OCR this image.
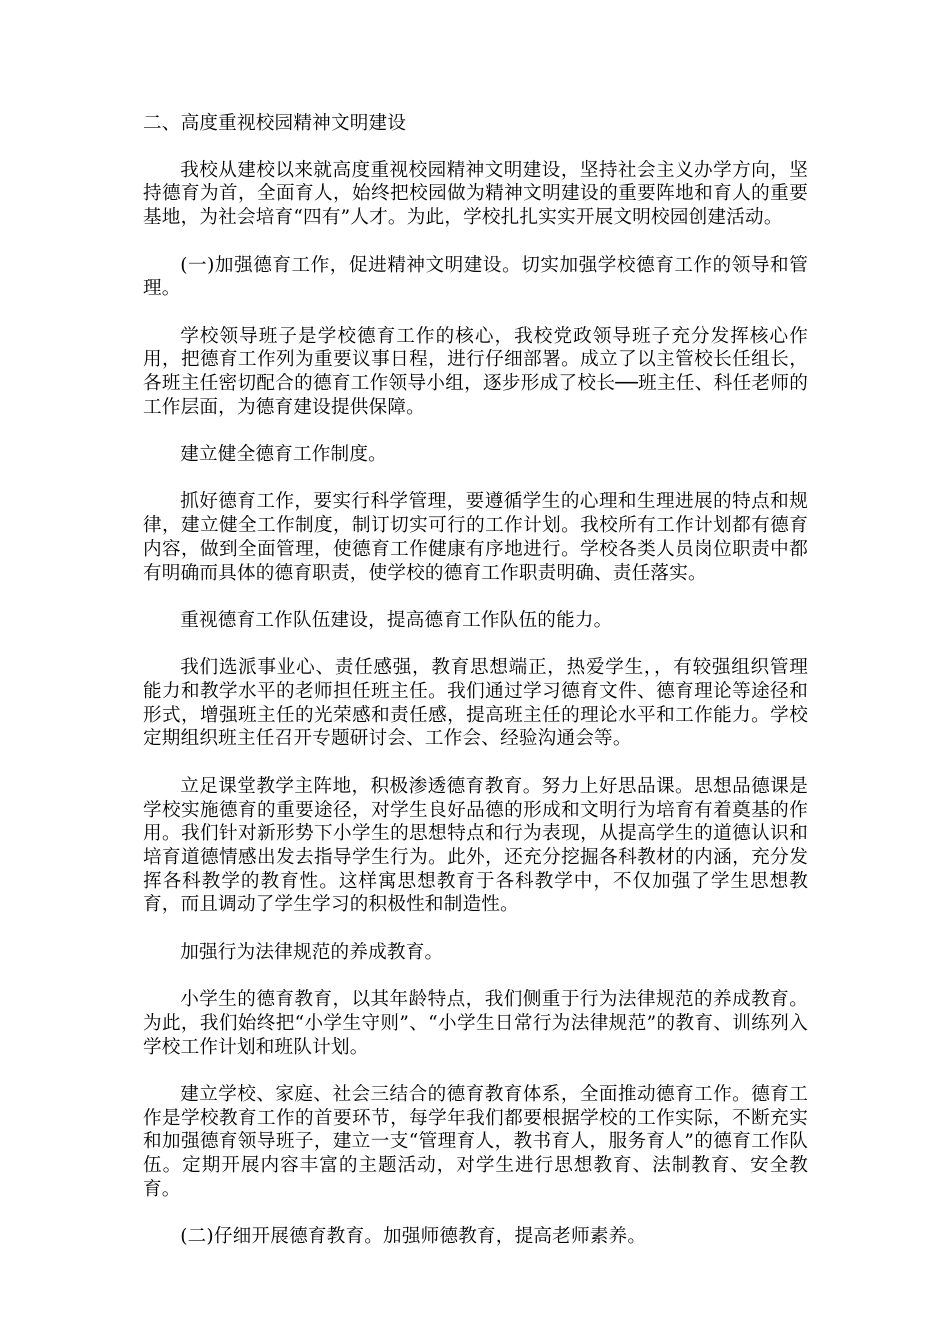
二、高度重视校园精神文明建设

我校从建校以来就高度重视校园精神文明建设，坚持社会主义办学方向，坚持德育为首，全面育人，始终把校园做为精神文明建设的重要阵地和育人的重要基地，为社会培育“四有”人才。为此，学校扎扎实实开展文明校园创建活动。

(一)加强德育工作，促进精神文明建设。切实加强学校德育工作的领导和管理。

学校领导班子是学校德育工作的核心，我校党政领导班子充分发挥核心作用，把德育工作列为重要议事日程，进行仔细部署。成立了以主管校长任组长，各班主任密切配合的德育工作领导小组，逐步形成了校长──班主任、科任老师的工作层面，为德育建设提供保障。

建立健全德育工作制度。

抓好德育工作，要实行科学管理，要遵循学生的心理和生理进展的特点和规律，建立健全工作制度，制订切实可行的工作计划。我校所有工作计划都有德育内容，做到全面管理，使德育工作健康有序地进行。学校各类人员岗位职责中都有明确而具体的德育职责，使学校的德育工作职责明确、责任落实。

重视德育工作队伍建设，提高德育工作队伍的能力。

我们选派事业心、责任感强，教育思想端正，热爱学生，，有较强组织管理能力和教学水平的老师担任班主任。我们通过学习德育文件、德育理论等途径和形式，增强班主任的光荣感和责任感，提高班主任的理论水平和工作能力。学校定期组织班主任召开专题研讨会、工作会、经验沟通会等。

立足课堂教学主阵地，积极渗透德育教育。努力上好思品课。思想品德课是学校实施德育的重要途径，对学生良好品德的形成和文明行为培育有着奠基的作用。我们针对新形势下小学生的思想特点和行为表现，从提高学生的道德认识和培育道德情感出发去指导学生行为。此外，还充分挖掘各科教材的内涵，充分发挥各科教学的教育性。这样寓思想教育于各科教学中，不仅加强了学生思想教育，而且调动了学生学习的积极性和制造性。

加强行为法律规范的养成教育。

小学生的德育教育，以其年龄特点，我们侧重于行为法律规范的养成教育。为此，我们始终把“小学生守则”、“小学生日常行为法律规范”的教育、训练列入学校工作计划和班队计划。

建立学校、家庭、社会三结合的德育教育体系，全面推动德育工作。德育工作是学校教育工作的首要环节，每学年我们都要根据学校的工作实际，不断充实和加强德育领导班子，建立一支“管理育人，教书育人，服务育人”的德育工作队伍。定期开展内容丰富的主题活动，对学生进行思想教育、法制教育、安全教育。

(二)仔细开展德育教育。加强师德教育，提高老师素养。
